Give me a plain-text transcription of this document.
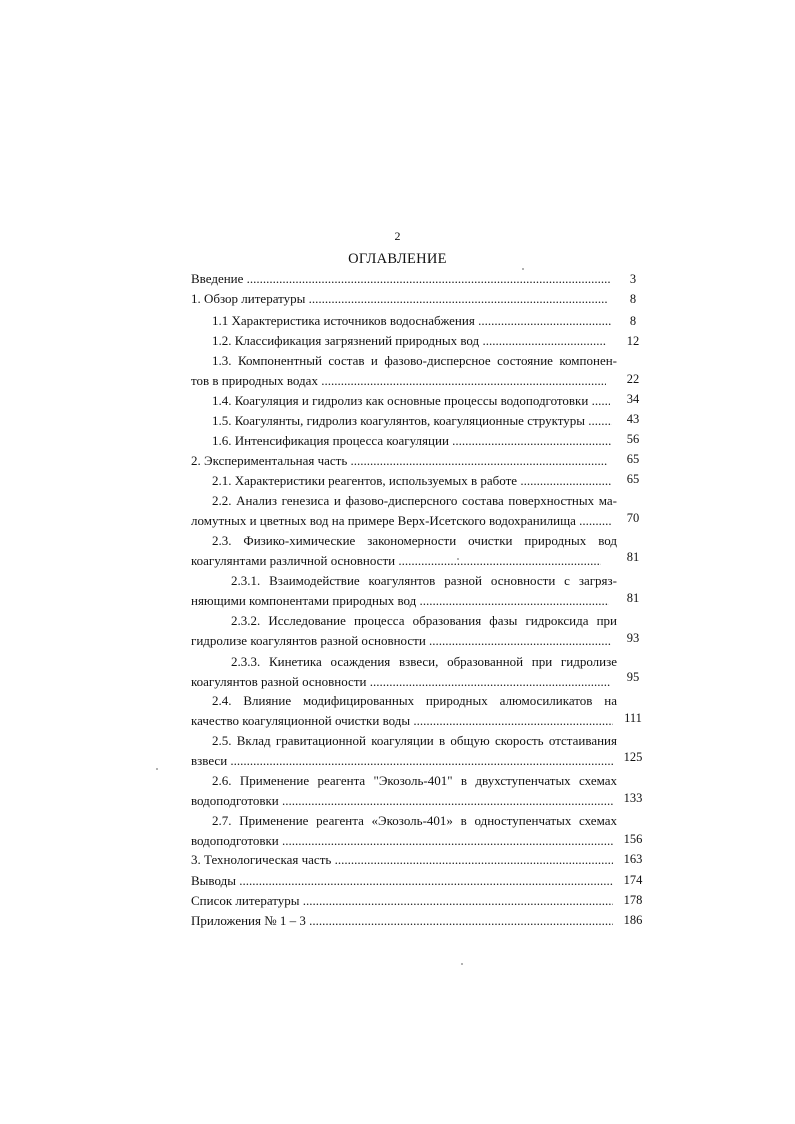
2
ОГЛАВЛЕНИЕ
Введение .....	3
1. Обзор литературы .....	8
1.1 Характеристика источников водоснабжения .....	8
1.2. Классификация загрязнений природных вод .....	12
1.3. Компонентный состав и фазово-дисперсное состояние компонен-
тов в природных водах .....	22
1.4. Коагуляция и гидролиз как основные процессы водоподготовки .....	34
1.5. Коагулянты, гидролиз коагулянтов, коагуляционные структуры .....	43
1.6. Интенсификация процесса коагуляции .....	56
2. Экспериментальная часть .....	65
2.1. Характеристики реагентов, используемых в работе .....	65
2.2. Анализ генезиса и фазово-дисперсного состава поверхностных ма-
ломутных и цветных вод на примере Верх-Исетского водохранилища .....	70
2.3. Физико-химические закономерности очистки природных вод
коагулянтами различной основности .....	81
2.3.1. Взаимодействие коагулянтов разной основности с загряз-
няющими компонентами природных вод .....	81
2.3.2. Исследование процесса образования фазы гидроксида при
гидролизе коагулянтов разной основности .....	93
2.3.3. Кинетика осаждения взвеси, образованной при гидролизе
коагулянтов разной основности .....	95
2.4. Влияние модифицированных природных алюмосиликатов на
качество коагуляционной очистки воды .....	111
2.5. Вклад гравитационной коагуляции в общую скорость отстаивания
взвеси .....	125
2.6. Применение реагента "Экозоль-401" в двухступенчатых схемах
водоподготовки .....	133
2.7. Применение реагента «Экозоль-401» в одноступенчатых схемах
водоподготовки .....	156
3. Технологическая часть .....	163
Выводы .....	174
Список литературы .....	178
Приложения № 1 – 3 .....	186
